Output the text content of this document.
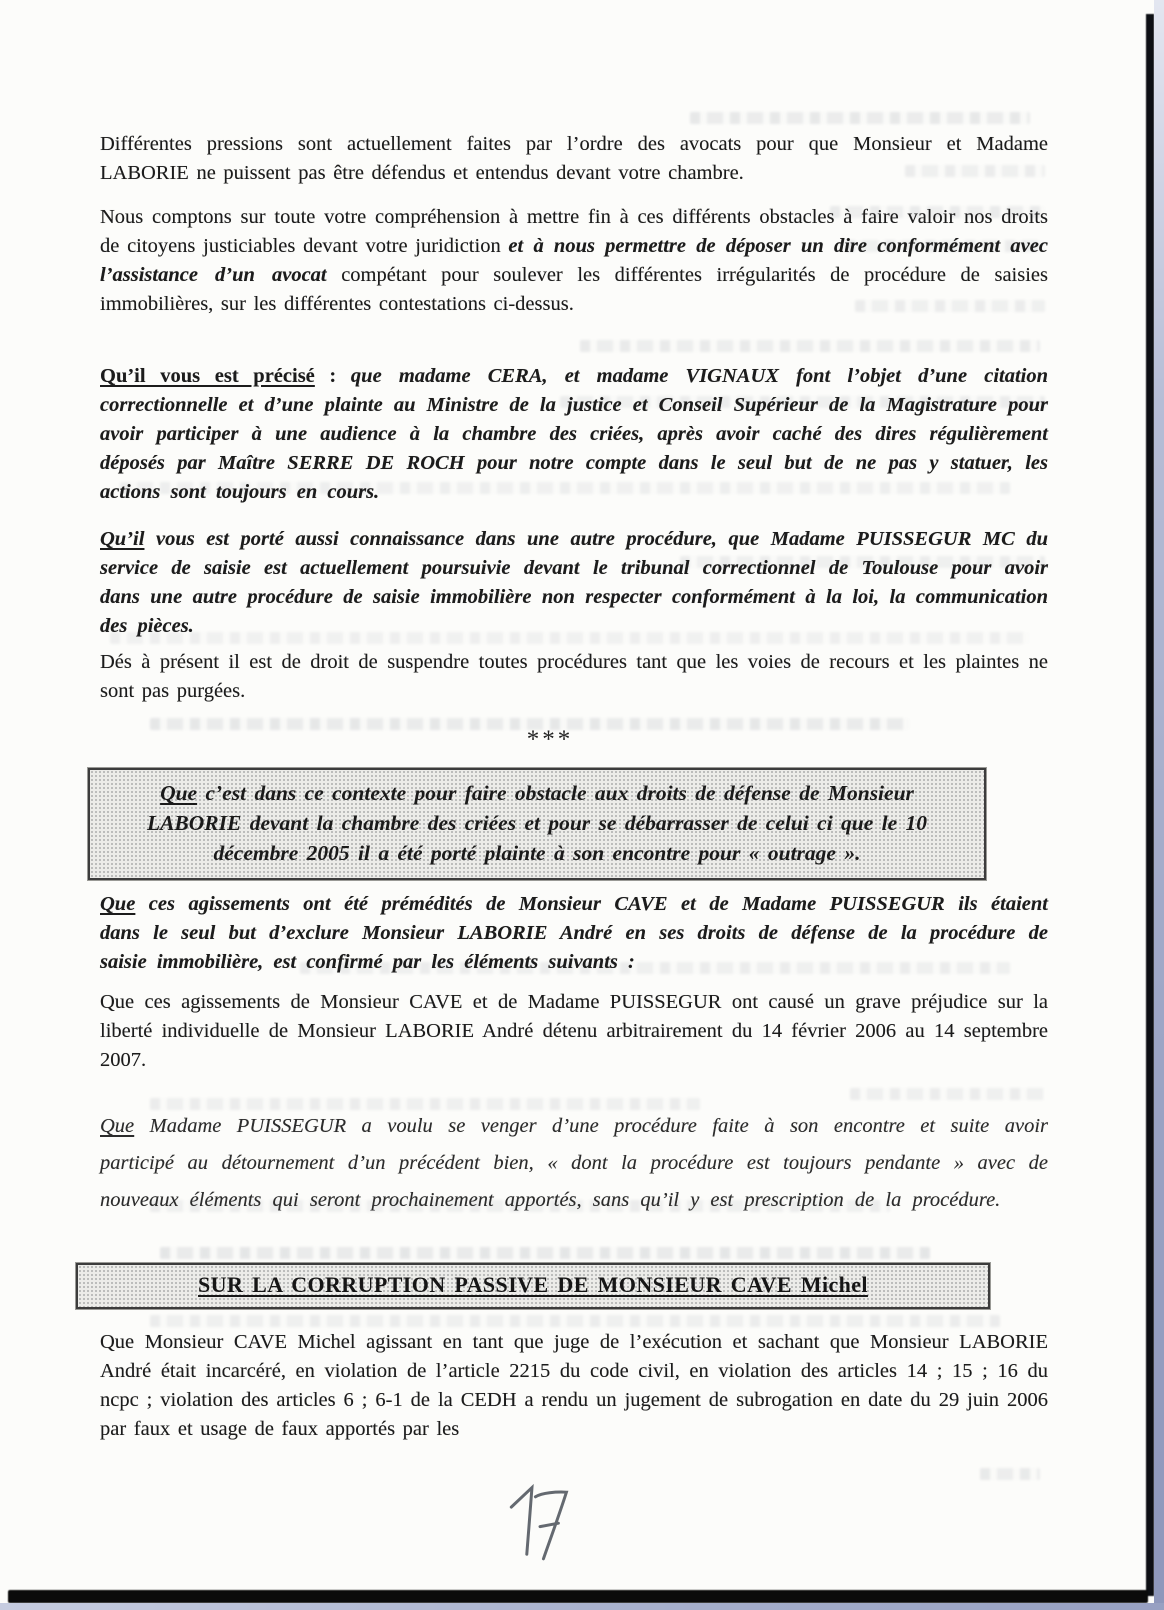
Différentes pressions sont actuellement faites par l’ordre des avocats pour que Monsieur et Madame LABORIE ne puissent pas être défendus et entendus devant votre chambre.

Nous comptons sur toute votre compréhension à mettre fin à ces différents obstacles à faire valoir nos droits de citoyens justiciables devant votre juridiction et à nous permettre de déposer un dire conformément avec l’assistance d’un avocat compétant pour soulever les différentes irrégularités de procédure de saisies immobilières, sur les différentes contestations ci-dessus.

Qu’il vous est précisé : que madame CERA, et madame VIGNAUX font l’objet d’une citation correctionnelle et d’une plainte au Ministre de la justice et Conseil Supérieur de la Magistrature pour avoir participer à une audience à la chambre des criées, après avoir caché des dires régulièrement déposés par Maître SERRE DE ROCH pour notre compte dans le seul but de ne pas y statuer, les actions sont toujours en cours.

Qu’il vous est porté aussi connaissance dans une autre procédure, que Madame PUISSEGUR MC du service de saisie est actuellement poursuivie devant le tribunal correctionnel de Toulouse pour avoir dans une autre procédure de saisie immobilière non respecter conformément à la loi, la communication des pièces.

Dés à présent il est de droit de suspendre toutes procédures tant que les voies de recours et les plaintes ne sont pas purgées.

***
Que c’est dans ce contexte pour faire obstacle aux droits de défense de Monsieur LABORIE devant la chambre des criées et pour se débarrasser de celui ci que le 10 décembre 2005 il a été porté plainte à son encontre pour « outrage ».

Que ces agissements ont été prémédités de Monsieur CAVE et de Madame PUISSEGUR ils étaient dans le seul but d’exclure Monsieur LABORIE André en ses droits de défense de la procédure de saisie immobilière, est confirmé par les éléments suivants :

Que ces agissements de Monsieur CAVE et de Madame PUISSEGUR ont causé un grave préjudice sur la liberté individuelle de Monsieur LABORIE André détenu arbitrairement du 14 février 2006 au 14 septembre 2007.

Que Madame PUISSEGUR a voulu se venger d’une procédure faite à son encontre et suite avoir participé au détournement d’un précédent bien, « dont la procédure est toujours pendante » avec de nouveaux éléments qui seront prochainement apportés, sans qu’il y est prescription de la procédure.

SUR LA CORRUPTION PASSIVE DE MONSIEUR CAVE Michel

Que Monsieur CAVE Michel agissant en tant que juge de l’exécution et sachant que Monsieur LABORIE André était incarcéré, en violation de l’article 2215 du code civil, en violation des articles 14 ; 15 ; 16 du ncpc ; violation des articles 6 ; 6-1 de la CEDH a rendu un jugement de subrogation en date du 29 juin 2006 par faux et usage de faux apportés par les
